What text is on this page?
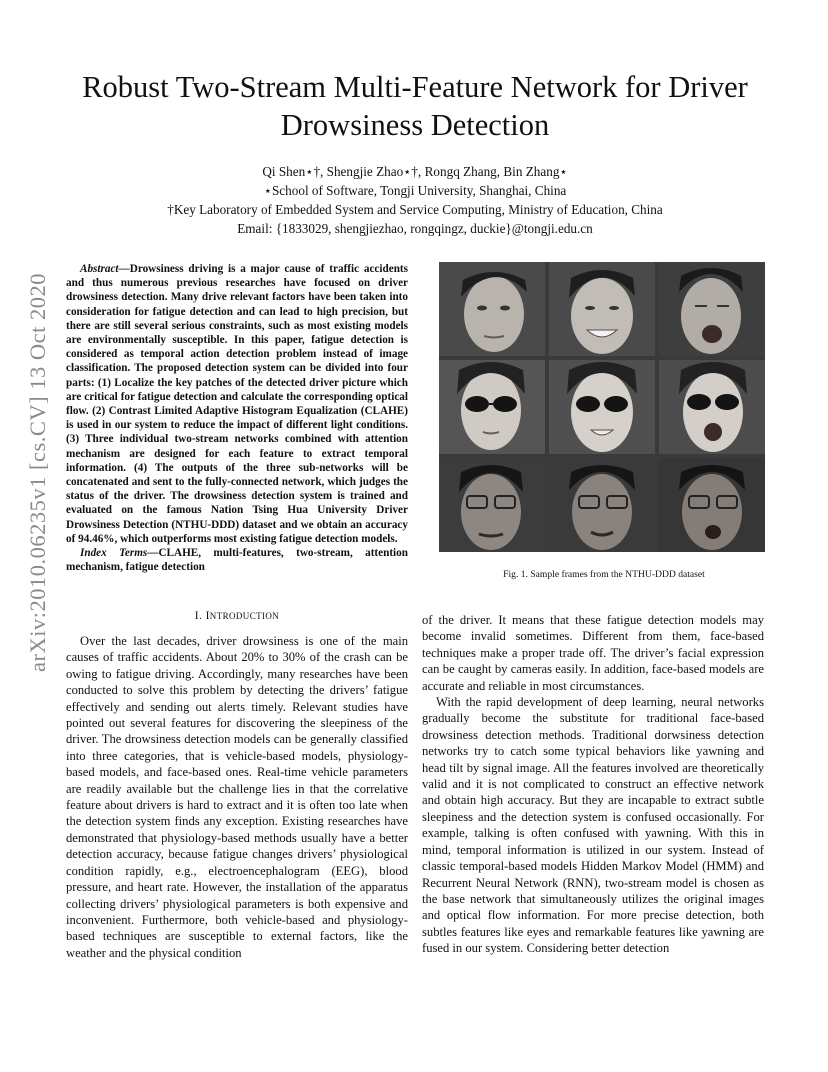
arXiv:2010.06235v1 [cs.CV] 13 Oct 2020
Robust Two-Stream Multi-Feature Network for Driver Drowsiness Detection
Qi Shen⋆†, Shengjie Zhao⋆†, Rongq Zhang, Bin Zhang⋆
⋆School of Software, Tongji University, Shanghai, China
†Key Laboratory of Embedded System and Service Computing, Ministry of Education, China
Email: {1833029, shengjiezhao, rongqingz, duckie}@tongji.edu.cn

Abstract—Drowsiness driving is a major cause of traffic accidents and thus numerous previous researches have focused on driver drowsiness detection. Many drive relevant factors have been taken into consideration for fatigue detection and can lead to high precision, but there are still several serious constraints, such as most existing models are environmentally susceptible. In this paper, fatigue detection is considered as temporal action detection problem instead of image classification. The proposed detection system can be divided into four parts: (1) Localize the key patches of the detected driver picture which are critical for fatigue detection and calculate the corresponding optical flow. (2) Contrast Limited Adaptive Histogram Equalization (CLAHE) is used in our system to reduce the impact of different light conditions. (3) Three individual two-stream networks combined with attention mechanism are designed for each feature to extract temporal information. (4) The outputs of the three sub-networks will be concatenated and sent to the fully-connected network, which judges the status of the driver. The drowsiness detection system is trained and evaluated on the famous Nation Tsing Hua University Driver Drowsiness Detection (NTHU-DDD) dataset and we obtain an accuracy of 94.46%, which outperforms most existing fatigue detection models.

Index Terms—CLAHE, multi-features, two-stream, attention mechanism, fatigue detection

Fig. 1. Sample frames from the NTHU-DDD dataset
I. INTRODUCTION

Over the last decades, driver drowsiness is one of the main causes of traffic accidents. About 20% to 30% of the crash can be owing to fatigue driving. Accordingly, many researches have been conducted to solve this problem by detecting the drivers’ fatigue effectively and sending out alerts timely. Relevant studies have pointed out several features for discovering the sleepiness of the driver. The drowsiness detection models can be generally classified into three categories, that is vehicle-based models, physiology-based models, and face-based ones. Real-time vehicle parameters are readily available but the challenge lies in that the correlative feature about drivers is hard to extract and it is often too late when the detection system finds any exception. Existing researches have demonstrated that physiology-based methods usually have a better detection accuracy, because fatigue changes drivers’ physiological condition rapidly, e.g., electroencephalogram (EEG), blood pressure, and heart rate. However, the installation of the apparatus collecting drivers’ physiological parameters is both expensive and inconvenient. Furthermore, both vehicle-based and physiology-based techniques are susceptible to external factors, like the weather and the physical condition

of the driver. It means that these fatigue detection models may become invalid sometimes. Different from them, face-based techniques make a proper trade off. The driver’s facial expression can be caught by cameras easily. In addition, face-based models are accurate and reliable in most circumstances.

With the rapid development of deep learning, neural networks gradually become the substitute for traditional face-based drowsiness detection methods. Traditional dorwsiness detection networks try to catch some typical behaviors like yawning and head tilt by signal image. All the features involved are theoretically valid and it is not complicated to construct an effective network and obtain high accuracy. But they are incapable to extract subtle sleepiness and the detection system is confused occasionally. For example, talking is often confused with yawning. With this in mind, temporal information is utilized in our system. Instead of classic temporal-based models Hidden Markov Model (HMM) and Recurrent Neural Network (RNN), two-stream model is chosen as the base network that simultaneously utilizes the original images and optical flow information. For more precise detection, both subtles features like eyes and remarkable features like yawning are fused in our system. Considering better detection
